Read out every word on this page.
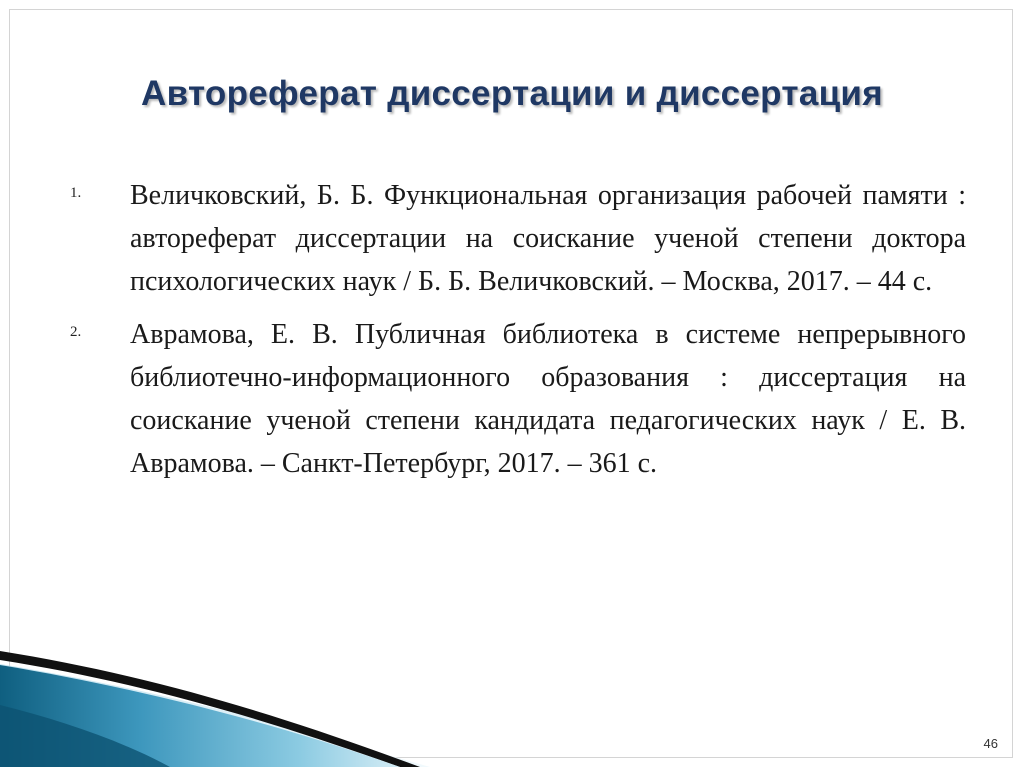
Автореферат диссертации и диссертация
1. Величковский, Б. Б. Функциональная организация рабочей памяти : автореферат диссертации на соискание ученой степени доктора психологических наук / Б. Б. Величковский. – Москва, 2017. – 44 с.
2. Аврамова, Е. В. Публичная библиотека в системе непрерывного библиотечно-информационного образования : диссертация на соискание ученой степени кандидата педагогических наук / Е. В. Аврамова. – Санкт-Петербург, 2017. – 361 с.
46
